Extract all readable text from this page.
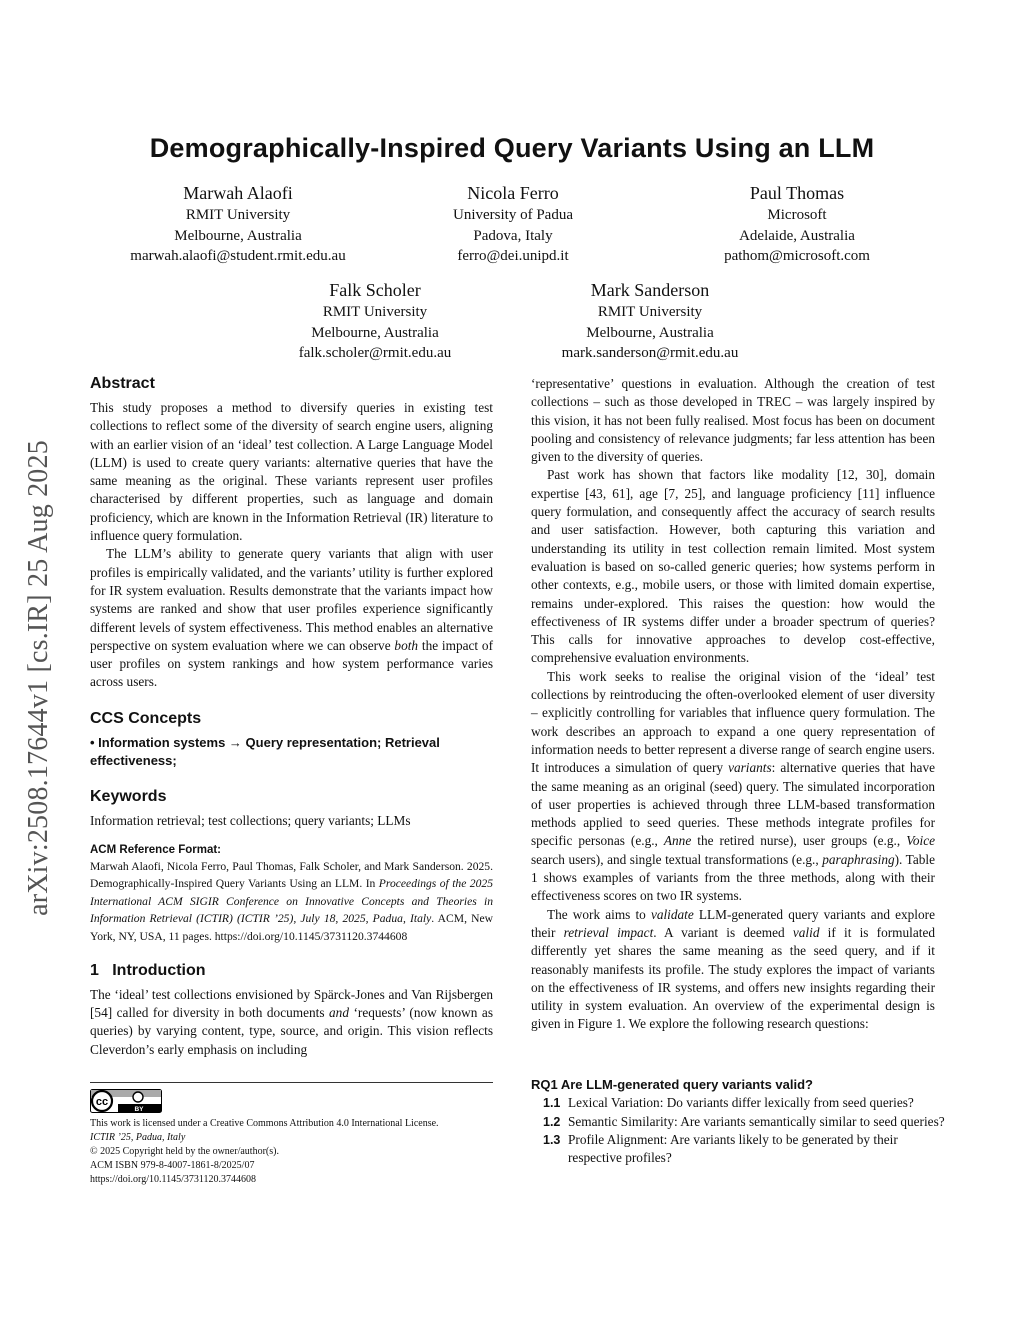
arXiv:2508.17644v1 [cs.IR] 25 Aug 2025
Demographically-Inspired Query Variants Using an LLM
Marwah Alaofi
RMIT University
Melbourne, Australia
marwah.alaofi@student.rmit.edu.au
Nicola Ferro
University of Padua
Padova, Italy
ferro@dei.unipd.it
Paul Thomas
Microsoft
Adelaide, Australia
pathom@microsoft.com
Falk Scholer
RMIT University
Melbourne, Australia
falk.scholer@rmit.edu.au
Mark Sanderson
RMIT University
Melbourne, Australia
mark.sanderson@rmit.edu.au
Abstract

This study proposes a method to diversify queries in existing test collections to reflect some of the diversity of search engine users, aligning with an earlier vision of an ‘ideal’ test collection. A Large Language Model (LLM) is used to create query variants: alternative queries that have the same meaning as the original. These variants represent user profiles characterised by different properties, such as language and domain proficiency, which are known in the Information Retrieval (IR) literature to influence query formulation.

The LLM’s ability to generate query variants that align with user profiles is empirically validated, and the variants’ utility is further explored for IR system evaluation. Results demonstrate that the variants impact how systems are ranked and show that user profiles experience significantly different levels of system effectiveness. This method enables an alternative perspective on system evaluation where we can observe both the impact of user profiles on system rankings and how system performance varies across users.

CCS Concepts

• Information systems → Query representation; Retrieval effectiveness;

Keywords

Information retrieval; test collections; query variants; LLMs

ACM Reference Format:

Marwah Alaofi, Nicola Ferro, Paul Thomas, Falk Scholer, and Mark Sanderson. 2025. Demographically-Inspired Query Variants Using an LLM. In Proceedings of the 2025 International ACM SIGIR Conference on Innovative Concepts and Theories in Information Retrieval (ICTIR) (ICTIR ’25), July 18, 2025, Padua, Italy. ACM, New York, NY, USA, 11 pages. https://doi.org/10.1145/3731120.3744608

1   Introduction

The ‘ideal’ test collections envisioned by Spärck-Jones and Van Rijsbergen [54] called for diversity in both documents and ‘requests’ (now known as queries) by varying content, type, source, and origin. This vision reflects Cleverdon’s early emphasis on including

cc
BY
This work is licensed under a Creative Commons Attribution 4.0 International License.
ICTIR ’25, Padua, Italy
© 2025 Copyright held by the owner/author(s).
ACM ISBN 979-8-4007-1861-8/2025/07
https://doi.org/10.1145/3731120.3744608

‘representative’ questions in evaluation. Although the creation of test collections – such as those developed in TREC – was largely inspired by this vision, it has not been fully realised. Most focus has been on document pooling and consistency of relevance judgments; far less attention has been given to the diversity of queries.

Past work has shown that factors like modality [12, 30], domain expertise [43, 61], age [7, 25], and language proficiency [11] influence query formulation, and consequently affect the accuracy of search results and user satisfaction. However, both capturing this variation and understanding its utility in test collection remain limited. Most system evaluation is based on so-called generic queries; how systems perform in other contexts, e.g., mobile users, or those with limited domain expertise, remains under-explored. This raises the question: how would the effectiveness of IR systems differ under a broader spectrum of queries? This calls for innovative approaches to develop cost-effective, comprehensive evaluation environments.

This work seeks to realise the original vision of the ‘ideal’ test collections by reintroducing the often-overlooked element of user diversity – explicitly controlling for variables that influence query formulation. The work describes an approach to expand a one query representation of information needs to better represent a diverse range of search engine users. It introduces a simulation of query variants: alternative queries that have the same meaning as an original (seed) query. The simulated incorporation of user properties is achieved through three LLM-based transformation methods applied to seed queries. These methods integrate profiles for specific personas (e.g., Anne the retired nurse), user groups (e.g., Voice search users), and single textual transformations (e.g., paraphrasing). Table 1 shows examples of variants from the three methods, along with their effectiveness scores on two IR systems.

The work aims to validate LLM-generated query variants and explore their retrieval impact. A variant is deemed valid if it is formulated differently yet shares the same meaning as the seed query, and if it reasonably manifests its profile. The study explores the impact of variants on the effectiveness of IR systems, and offers new insights regarding their utility in system evaluation. An overview of the experimental design is given in Figure 1. We explore the following research questions:

RQ1 Are LLM-generated query variants valid?
1.1 Lexical Variation: Do variants differ lexically from seed queries?
1.2 Semantic Similarity: Are variants semantically similar to seed queries?
1.3 Profile Alignment: Are variants likely to be generated by their respective profiles?
